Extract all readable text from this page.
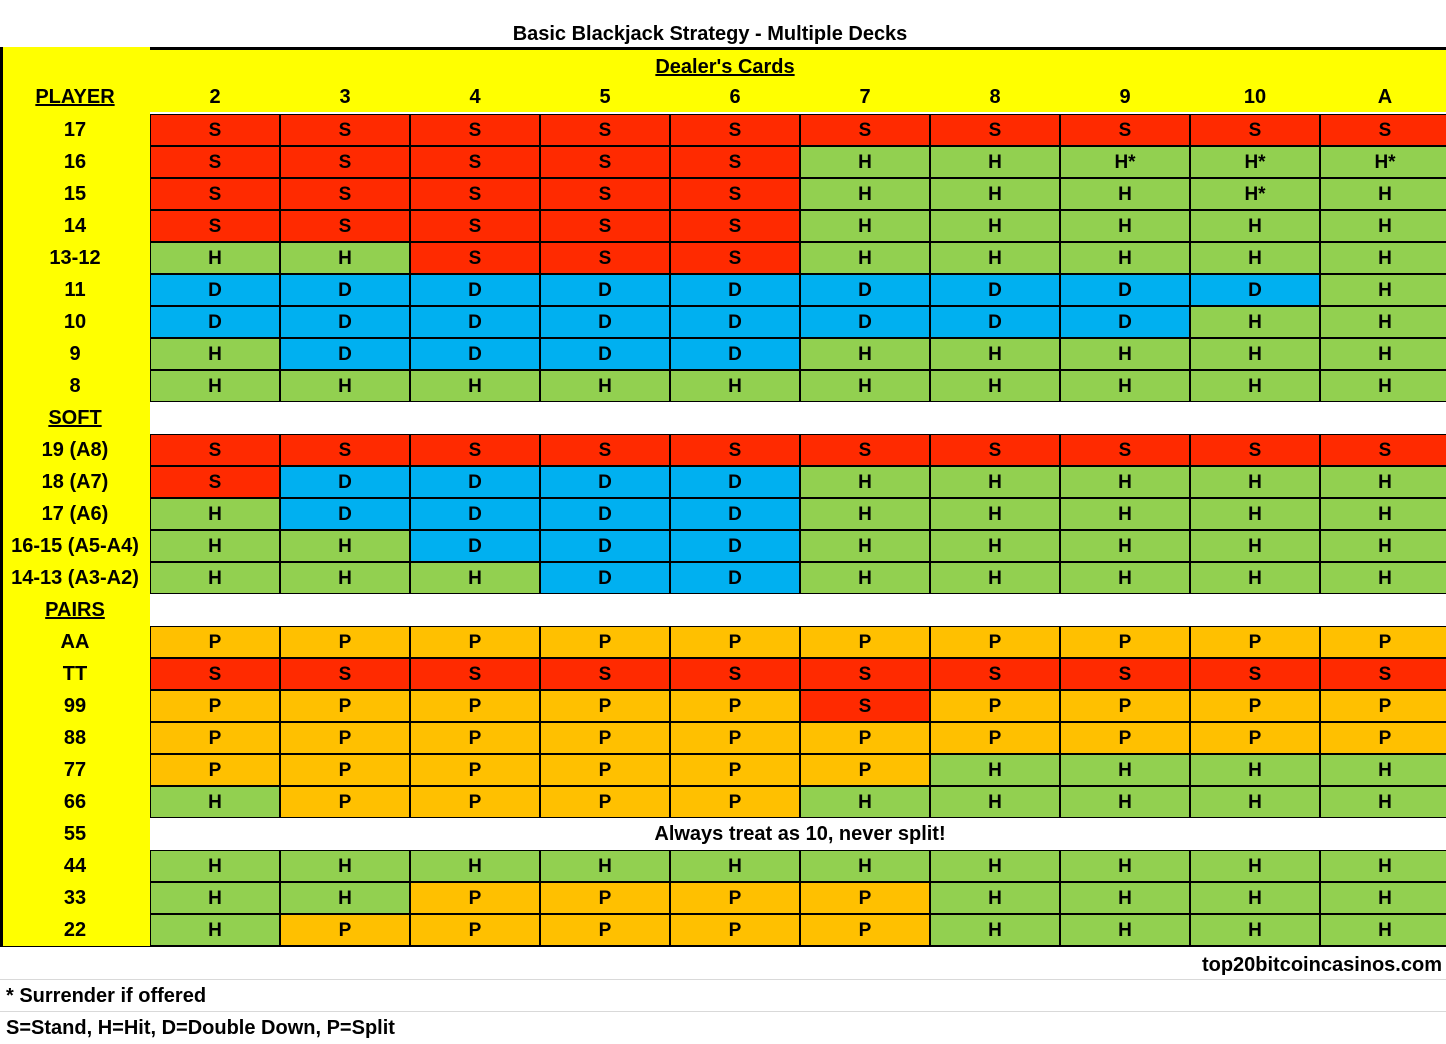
Basic Blackjack Strategy - Multiple Decks
Dealer's Cards
PLAYER	2	3	4	5	6	7	8	9	10	A
17	S	S	S	S	S	S	S	S	S	S
16	S	S	S	S	S	H	H	H*	H*	H*
15	S	S	S	S	S	H	H	H	H*	H
14	S	S	S	S	S	H	H	H	H	H
13-12	H	H	S	S	S	H	H	H	H	H
11	D	D	D	D	D	D	D	D	D	H
10	D	D	D	D	D	D	D	D	H	H
9	H	D	D	D	D	H	H	H	H	H
8	H	H	H	H	H	H	H	H	H	H
SOFT
19 (A8)	S	S	S	S	S	S	S	S	S	S
18 (A7)	S	D	D	D	D	H	H	H	H	H
17 (A6)	H	D	D	D	D	H	H	H	H	H
16-15 (A5-A4)	H	H	D	D	D	H	H	H	H	H
14-13 (A3-A2)	H	H	H	D	D	H	H	H	H	H
PAIRS
AA	P	P	P	P	P	P	P	P	P	P
TT	S	S	S	S	S	S	S	S	S	S
99	P	P	P	P	P	S	P	P	P	P
88	P	P	P	P	P	P	P	P	P	P
77	P	P	P	P	P	P	H	H	H	H
66	H	P	P	P	P	H	H	H	H	H
55	Always treat as 10, never split!
44	H	H	H	H	H	H	H	H	H	H
33	H	H	P	P	P	P	H	H	H	H
22	H	P	P	P	P	P	H	H	H	H
top20bitcoincasinos.com
* Surrender if offered
S=Stand, H=Hit, D=Double Down, P=Split
